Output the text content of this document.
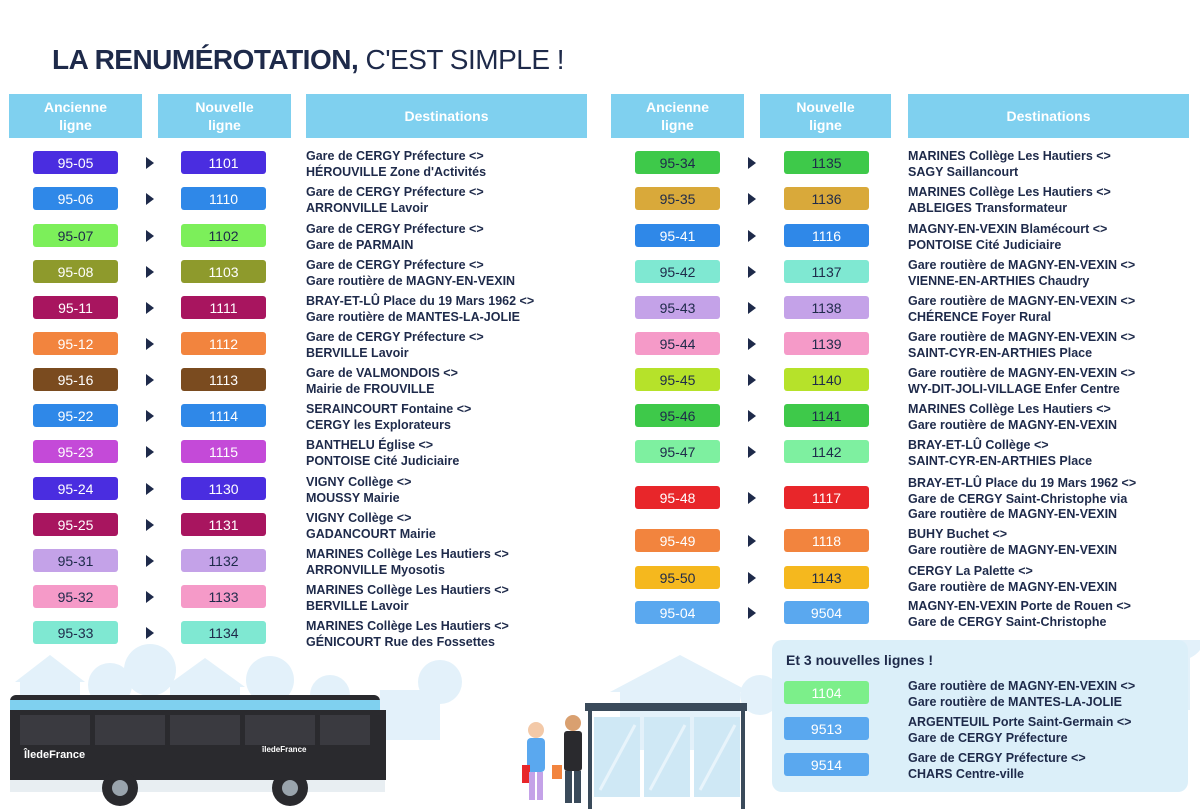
LA RENUMÉROTATION, C'EST SIMPLE !
Ancienne
ligne
Nouvelle
ligne
Destinations
Ancienne
ligne
Nouvelle
ligne
Destinations
95-05	1101	Gare de CERGY Préfecture <>
HÉROUVILLE Zone d'Activités
95-06	1110	Gare de CERGY Préfecture <>
ARRONVILLE Lavoir
95-07	1102	Gare de CERGY Préfecture <>
Gare de PARMAIN
95-08	1103	Gare de CERGY Préfecture <>
Gare routière de MAGNY-EN-VEXIN
95-11	1111	BRAY-ET-LÛ Place du 19 Mars 1962 <>
Gare routière de MANTES-LA-JOLIE
95-12	1112	Gare de CERGY Préfecture <>
BERVILLE Lavoir
95-16	1113	Gare de VALMONDOIS <>
Mairie de FROUVILLE
95-22	1114	SERAINCOURT Fontaine <>
CERGY les Explorateurs
95-23	1115	BANTHELU Église <>
PONTOISE Cité Judiciaire
95-24	1130	VIGNY Collège <>
MOUSSY Mairie
95-25	1131	VIGNY Collège <>
GADANCOURT Mairie
95-31	1132	MARINES Collège Les Hautiers <>
ARRONVILLE Myosotis
95-32	1133	MARINES Collège Les Hautiers <>
BERVILLE Lavoir
95-33	1134	MARINES Collège Les Hautiers <>
GÉNICOURT Rue des Fossettes
95-34	1135	MARINES Collège Les Hautiers <>
SAGY Saillancourt
95-35	1136	MARINES Collège Les Hautiers <>
ABLEIGES Transformateur
95-41	1116	MAGNY-EN-VEXIN Blamécourt <>
PONTOISE Cité Judiciaire
95-42	1137	Gare routière de MAGNY-EN-VEXIN <>
VIENNE-EN-ARTHIES Chaudry
95-43	1138	Gare routière de MAGNY-EN-VEXIN <>
CHÉRENCE Foyer Rural
95-44	1139	Gare routière de MAGNY-EN-VEXIN <>
SAINT-CYR-EN-ARTHIES Place
95-45	1140	Gare routière de MAGNY-EN-VEXIN <>
WY-DIT-JOLI-VILLAGE Enfer Centre
95-46	1141	MARINES Collège Les Hautiers <>
Gare routière de MAGNY-EN-VEXIN
95-47	1142	BRAY-ET-LÛ Collège <>
SAINT-CYR-EN-ARTHIES Place
95-48	1117
BRAY-ET-LÛ Place du 19 Mars 1962 <>
Gare de CERGY Saint-Christophe via
Gare routière de MAGNY-EN-VEXIN
95-49	1118	BUHY Buchet <>
Gare routière de MAGNY-EN-VEXIN
95-50	1143	CERGY La Palette <>
Gare routière de MAGNY-EN-VEXIN
95-04	9504	MAGNY-EN-VEXIN Porte de Rouen <>
Gare de CERGY Saint-Christophe
ÎledeFrance	îledeFrance
Et 3 nouvelles lignes !
1104	Gare routière de MAGNY-EN-VEXIN <>
Gare routière de MANTES-LA-JOLIE
9513	ARGENTEUIL Porte Saint-Germain <>
Gare de CERGY Préfecture
9514	Gare de CERGY Préfecture <>
CHARS Centre-ville
